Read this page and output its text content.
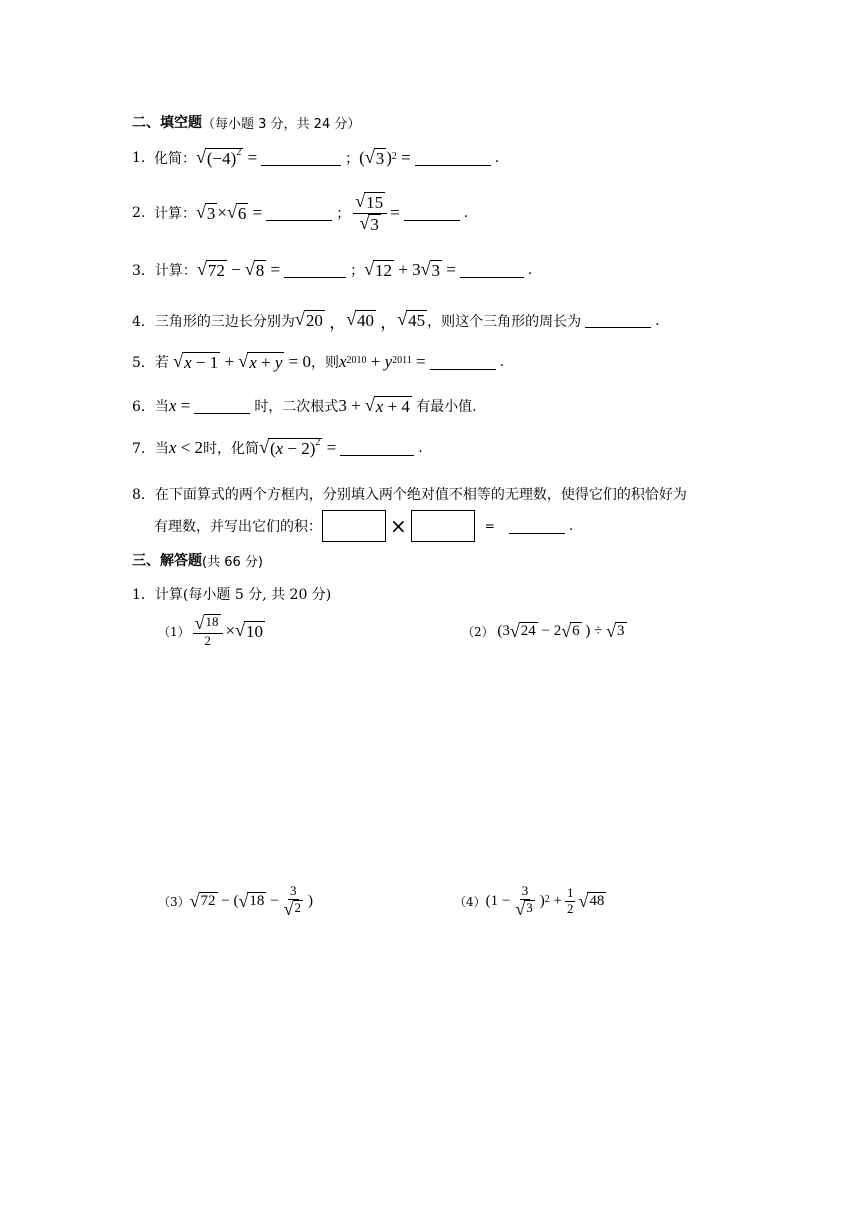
二、填空题 （每小题 3 分，共 24 分）
1. 化简： √ $(-4)^2$ =	； ( √ 3 ) 2 =	.
2. 计算： √ 3 × √ 6 =	； $\frac{√ 15}{√ 3}$ =	.
3． 计算： √ 72 − √ 8 =	； √ 12 + 3 √ 3 =	.
4． 三角形的三边长分别为 √ 20 ， √ 40 ， √ 45 ，则这个三角形的周长为	.
5． 若
√ x − 1 + √ x + y = 0 ，则 x 2010 + y 2011 =	.
6． 当 x =	时，二次根式 3 + √ x + 4
有最小值.
7． 当 x < 2 时，化简 √ $(x - 2)^2$ =	.
8． 在下面算式的两个方框内，分别填入两个绝对值不相等的无理数，使得它们的积恰好为
有理数，并写出它们的积：	×	=	.
三、解答题 (共 66 分)
1． 计算(每小题 5 分, 共 20 分)
$(1) \frac{√ 18}{2}$ × √ 10	（2） (3 √ 24 − 2 √ 6 ) ÷ √ 3
（3） √ 72 − ( √ $18 - \frac{3}{√ 2}$ )	（4） ($1 - \frac{3}{√ 3}$ ) $2 + \frac{1}{2}$ √ 48
